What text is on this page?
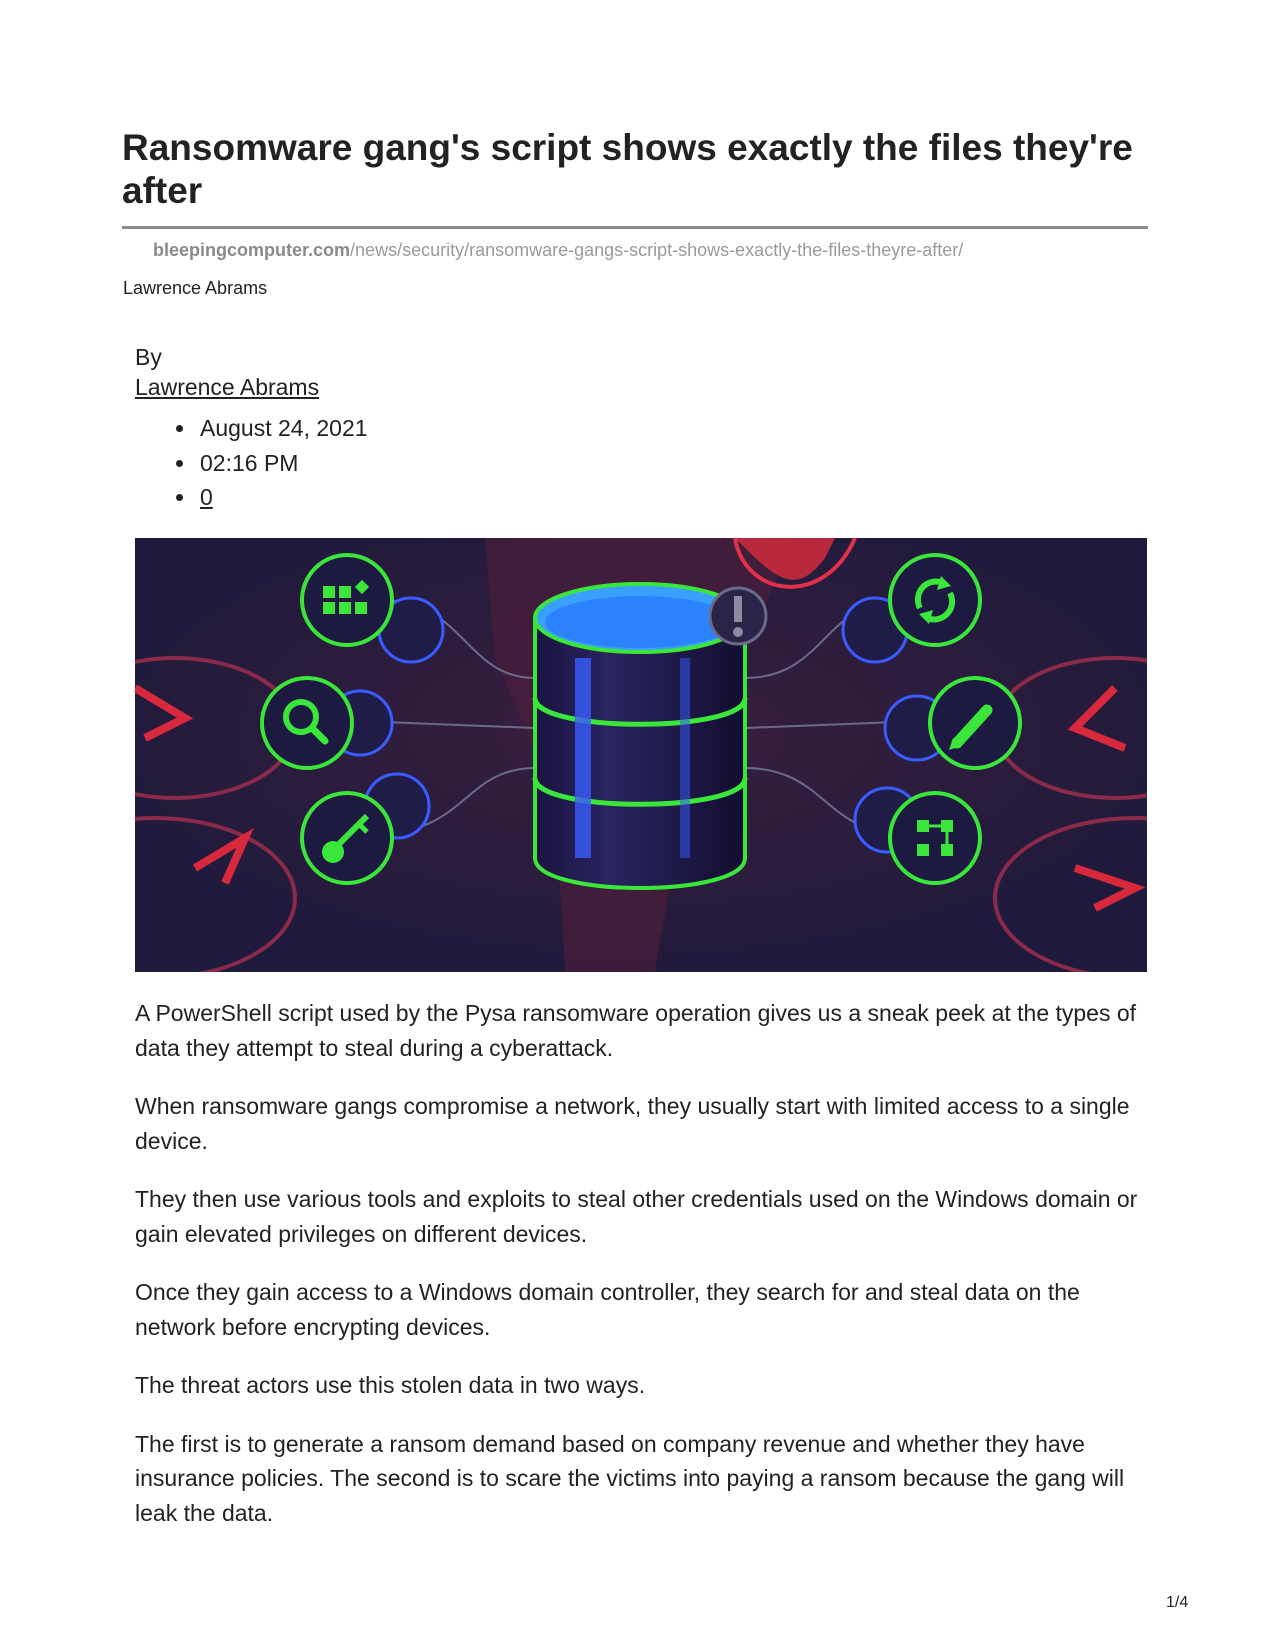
Ransomware gang's script shows exactly the files they're after
bleepingcomputer.com/news/security/ransomware-gangs-script-shows-exactly-the-files-theyre-after/
Lawrence Abrams
By
Lawrence Abrams
• August 24, 2021
• 02:16 PM
• 0

A PowerShell script used by the Pysa ransomware operation gives us a sneak peek at the types of data they attempt to steal during a cyberattack.

When ransomware gangs compromise a network, they usually start with limited access to a single device.

They then use various tools and exploits to steal other credentials used on the Windows domain or gain elevated privileges on different devices.

Once they gain access to a Windows domain controller, they search for and steal data on the network before encrypting devices.

The threat actors use this stolen data in two ways.

The first is to generate a ransom demand based on company revenue and whether they have insurance policies. The second is to scare the victims into paying a ransom because the gang will leak the data.

1/4
